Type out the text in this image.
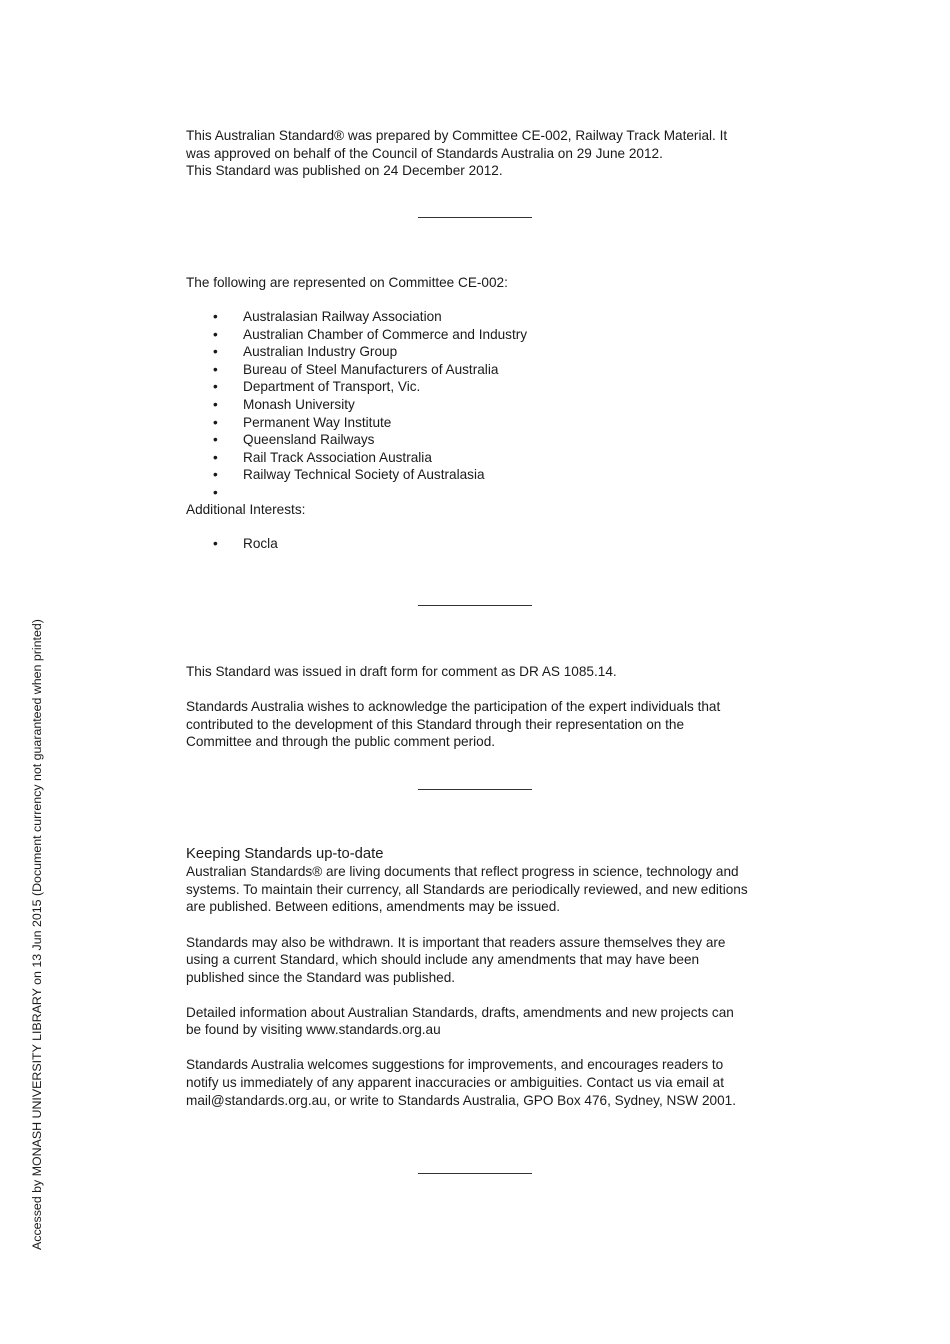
This Australian Standard® was prepared by Committee CE-002, Railway Track Material. It

was approved on behalf of the Council of Standards Australia on 29 June 2012.

This Standard was published on 24 December 2012.

The following are represented on Committee CE-002:

• Australasian Railway Association
• Australian Chamber of Commerce and Industry
• Australian Industry Group
• Bureau of Steel Manufacturers of Australia
• Department of Transport, Vic.
• Monash University
• Permanent Way Institute
• Queensland Railways
• Rail Track Association Australia
• Railway Technical Society of Australasia
•

Additional Interests:

• Rocla

This Standard was issued in draft form for comment as DR AS 1085.14.

Standards Australia wishes to acknowledge the participation of the expert individuals that

contributed to the development of this Standard through their representation on the

Committee and through the public comment period.

Keeping Standards up-to-date

Australian Standards® are living documents that reflect progress in science, technology and

systems. To maintain their currency, all Standards are periodically reviewed, and new editions

are published. Between editions, amendments may be issued.

Standards may also be withdrawn. It is important that readers assure themselves they are

using a current Standard, which should include any amendments that may have been

published since the Standard was published.

Detailed information about Australian Standards, drafts, amendments and new projects can

be found by visiting www.standards.org.au

Standards Australia welcomes suggestions for improvements, and encourages readers to

notify us immediately of any apparent inaccuracies or ambiguities. Contact us via email at

mail@standards.org.au, or write to Standards Australia, GPO Box 476, Sydney, NSW 2001.

Accessed by MONASH UNIVERSITY LIBRARY on 13 Jun 2015 (Document currency not guaranteed when printed)
